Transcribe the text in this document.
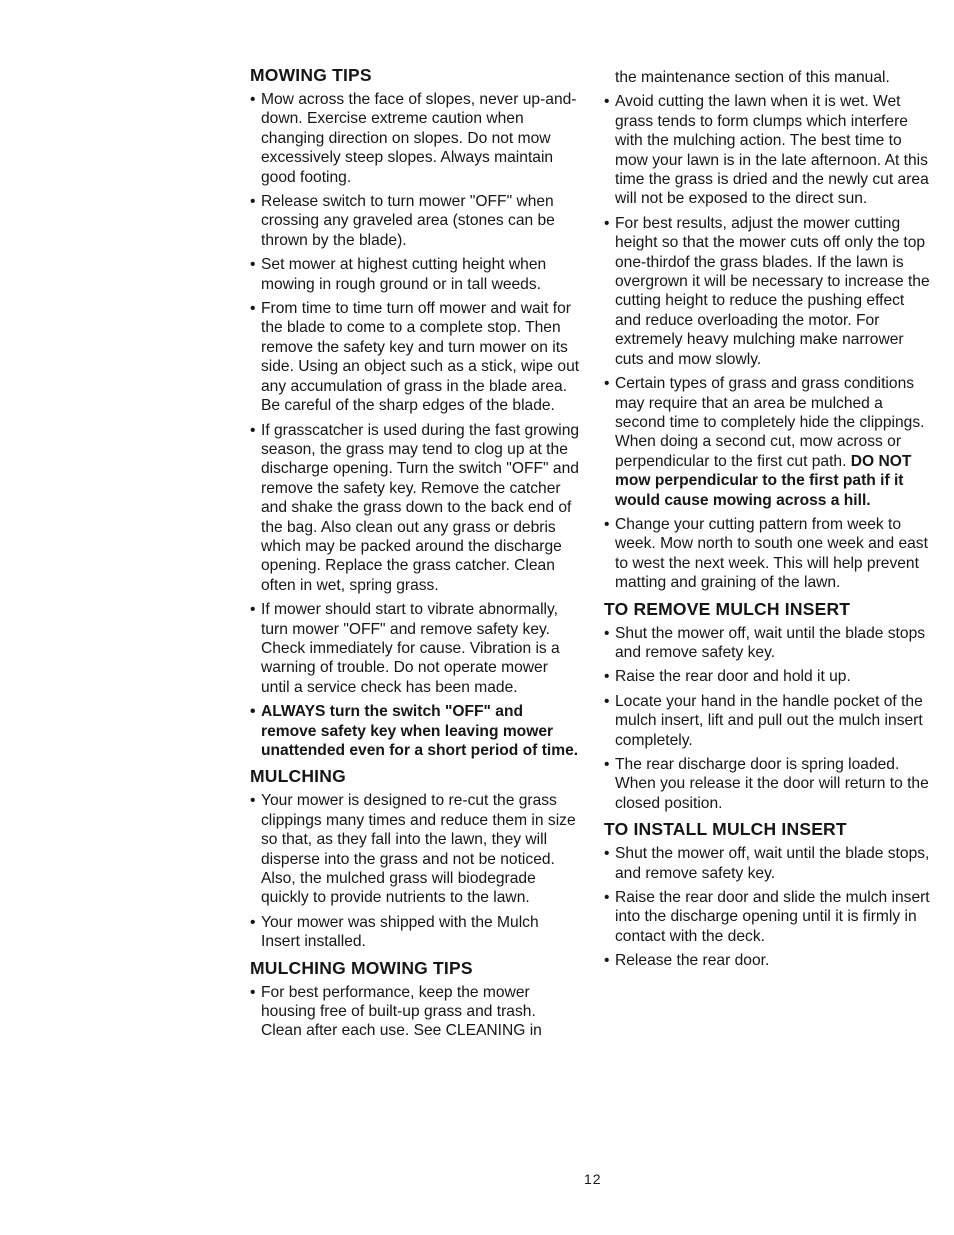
MOWING TIPS
• Mow across the face of slopes, never up-and-down. Exercise extreme caution when changing direction on slopes. Do not mow excessively steep slopes. Always maintain good footing.
• Release switch to turn mower "OFF" when crossing any graveled area (stones can be thrown by the blade).
• Set mower at highest cutting height when mowing in rough ground or in tall weeds.
• From time to time turn off mower and wait for the blade to come to a complete stop. Then remove the safety key and turn mower on its side. Using an object such as a stick, wipe out any accumulation of grass in the blade area. Be careful of the sharp edges of the blade.
• If grasscatcher is used during the fast growing season, the grass may tend to clog up at the discharge opening. Turn the switch "OFF" and remove the safety key. Remove the catcher and shake the grass down to the back end of the bag. Also clean out any grass or debris which may be packed around the discharge opening. Replace the grass catcher. Clean often in wet, spring grass.
• If mower should start to vibrate abnormally, turn mower "OFF" and remove safety key. Check immediately for cause. Vibration is a warning of trouble. Do not operate mower until a service check has been made.
• ALWAYS turn the switch "OFF" and remove safety key when leaving mower unattended even for a short period of time.
MULCHING
• Your mower is designed to re-cut the grass clippings many times and reduce them in size so that, as they fall into the lawn, they will disperse into the grass and not be noticed. Also, the mulched grass will biodegrade quickly to provide nutrients to the lawn.
• Your mower was shipped with the Mulch Insert installed.
MULCHING MOWING TIPS
• For best performance, keep the mower housing free of built-up grass and trash. Clean after each use. See CLEANING in
the maintenance section of this manual.
• Avoid cutting the lawn when it is wet. Wet grass tends to form clumps which interfere with the mulching action. The best time to mow your lawn is in the late afternoon. At this time the grass is dried and the newly cut area will not be exposed to the direct sun.
• For best results, adjust the mower cutting height so that the mower cuts off only the top one-thirdof the grass blades. If the lawn is overgrown it will be necessary to increase the cutting height to reduce the pushing effect and reduce overloading the motor. For extremely heavy mulching make narrower cuts and mow slowly.
• Certain types of grass and grass conditions may require that an area be mulched a second time to completely hide the clippings. When doing a second cut, mow across or perpendicular to the first cut path. DO NOT mow perpendicular to the first path if it would cause mowing across a hill.
• Change your cutting pattern from week to week. Mow north to south one week and east to west the next week. This will help prevent matting and graining of the lawn.
TO REMOVE MULCH INSERT
• Shut the mower off, wait until the blade stops and remove safety key.
• Raise the rear door and hold it up.
• Locate your hand in the handle pocket of the mulch insert, lift and pull out the mulch insert completely.
• The rear discharge door is spring loaded. When you release it the door will return to the closed position.
TO INSTALL MULCH INSERT
• Shut the mower off, wait until the blade stops, and remove safety key.
• Raise the rear door and slide the mulch insert into the discharge opening until it is firmly in contact with the deck.
• Release the rear door.
12
